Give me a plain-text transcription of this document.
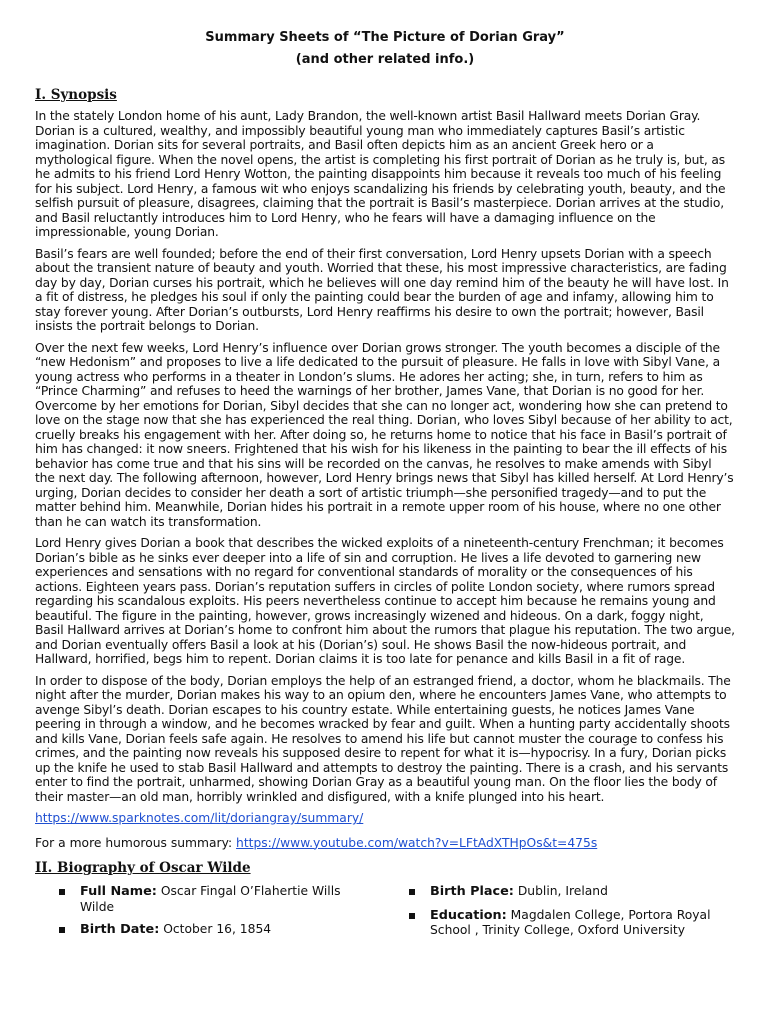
Summary Sheets of “The Picture of Dorian Gray”

(and other related info.)

I. Synopsis

In the stately London home of his aunt, Lady Brandon, the well-known artist Basil Hallward meets Dorian Gray. Dorian is a cultured, wealthy, and impossibly beautiful young man who immediately captures Basil’s artistic imagination. Dorian sits for several portraits, and Basil often depicts him as an ancient Greek hero or a mythological figure. When the novel opens, the artist is completing his first portrait of Dorian as he truly is, but, as he admits to his friend Lord Henry Wotton, the painting disappoints him because it reveals too much of his feeling for his subject. Lord Henry, a famous wit who enjoys scandalizing his friends by celebrating youth, beauty, and the selfish pursuit of pleasure, disagrees, claiming that the portrait is Basil’s masterpiece. Dorian arrives at the studio, and Basil reluctantly introduces him to Lord Henry, who he fears will have a damaging influence on the impressionable, young Dorian.

Basil’s fears are well founded; before the end of their first conversation, Lord Henry upsets Dorian with a speech about the transient nature of beauty and youth. Worried that these, his most impressive characteristics, are fading day by day, Dorian curses his portrait, which he believes will one day remind him of the beauty he will have lost. In a fit of distress, he pledges his soul if only the painting could bear the burden of age and infamy, allowing him to stay forever young. After Dorian’s outbursts, Lord Henry reaffirms his desire to own the portrait; however, Basil insists the portrait belongs to Dorian.

Over the next few weeks, Lord Henry’s influence over Dorian grows stronger. The youth becomes a disciple of the “new Hedonism” and proposes to live a life dedicated to the pursuit of pleasure. He falls in love with Sibyl Vane, a young actress who performs in a theater in London’s slums. He adores her acting; she, in turn, refers to him as “Prince Charming” and refuses to heed the warnings of her brother, James Vane, that Dorian is no good for her. Overcome by her emotions for Dorian, Sibyl decides that she can no longer act, wondering how she can pretend to love on the stage now that she has experienced the real thing. Dorian, who loves Sibyl because of her ability to act, cruelly breaks his engagement with her. After doing so, he returns home to notice that his face in Basil’s portrait of him has changed: it now sneers. Frightened that his wish for his likeness in the painting to bear the ill effects of his behavior has come true and that his sins will be recorded on the canvas, he resolves to make amends with Sibyl the next day. The following afternoon, however, Lord Henry brings news that Sibyl has killed herself. At Lord Henry’s urging, Dorian decides to consider her death a sort of artistic triumph—she personified tragedy—and to put the matter behind him. Meanwhile, Dorian hides his portrait in a remote upper room of his house, where no one other than he can watch its transformation.

Lord Henry gives Dorian a book that describes the wicked exploits of a nineteenth-century Frenchman; it becomes Dorian’s bible as he sinks ever deeper into a life of sin and corruption. He lives a life devoted to garnering new experiences and sensations with no regard for conventional standards of morality or the consequences of his actions. Eighteen years pass. Dorian’s reputation suffers in circles of polite London society, where rumors spread regarding his scandalous exploits. His peers nevertheless continue to accept him because he remains young and beautiful. The figure in the painting, however, grows increasingly wizened and hideous. On a dark, foggy night, Basil Hallward arrives at Dorian’s home to confront him about the rumors that plague his reputation. The two argue, and Dorian eventually offers Basil a look at his (Dorian’s) soul. He shows Basil the now-hideous portrait, and Hallward, horrified, begs him to repent. Dorian claims it is too late for penance and kills Basil in a fit of rage.

In order to dispose of the body, Dorian employs the help of an estranged friend, a doctor, whom he blackmails. The night after the murder, Dorian makes his way to an opium den, where he encounters James Vane, who attempts to avenge Sibyl’s death. Dorian escapes to his country estate. While entertaining guests, he notices James Vane peering in through a window, and he becomes wracked by fear and guilt. When a hunting party accidentally shoots and kills Vane, Dorian feels safe again. He resolves to amend his life but cannot muster the courage to confess his crimes, and the painting now reveals his supposed desire to repent for what it is—hypocrisy. In a fury, Dorian picks up the knife he used to stab Basil Hallward and attempts to destroy the painting. There is a crash, and his servants enter to find the portrait, unharmed, showing Dorian Gray as a beautiful young man. On the floor lies the body of their master—an old man, horribly wrinkled and disfigured, with a knife plunged into his heart.

https://www.sparknotes.com/lit/doriangray/summary/

For a more humorous summary: https://www.youtube.com/watch?v=LFtAdXTHpOs&t=475s

II. Biography of Oscar Wilde
Full Name: Oscar Fingal O’Flahertie Wills Wilde
Birth Date: October 16, 1854
Birth Place: Dublin, Ireland
Education: Magdalen College, Portora Royal School , Trinity College, Oxford University
